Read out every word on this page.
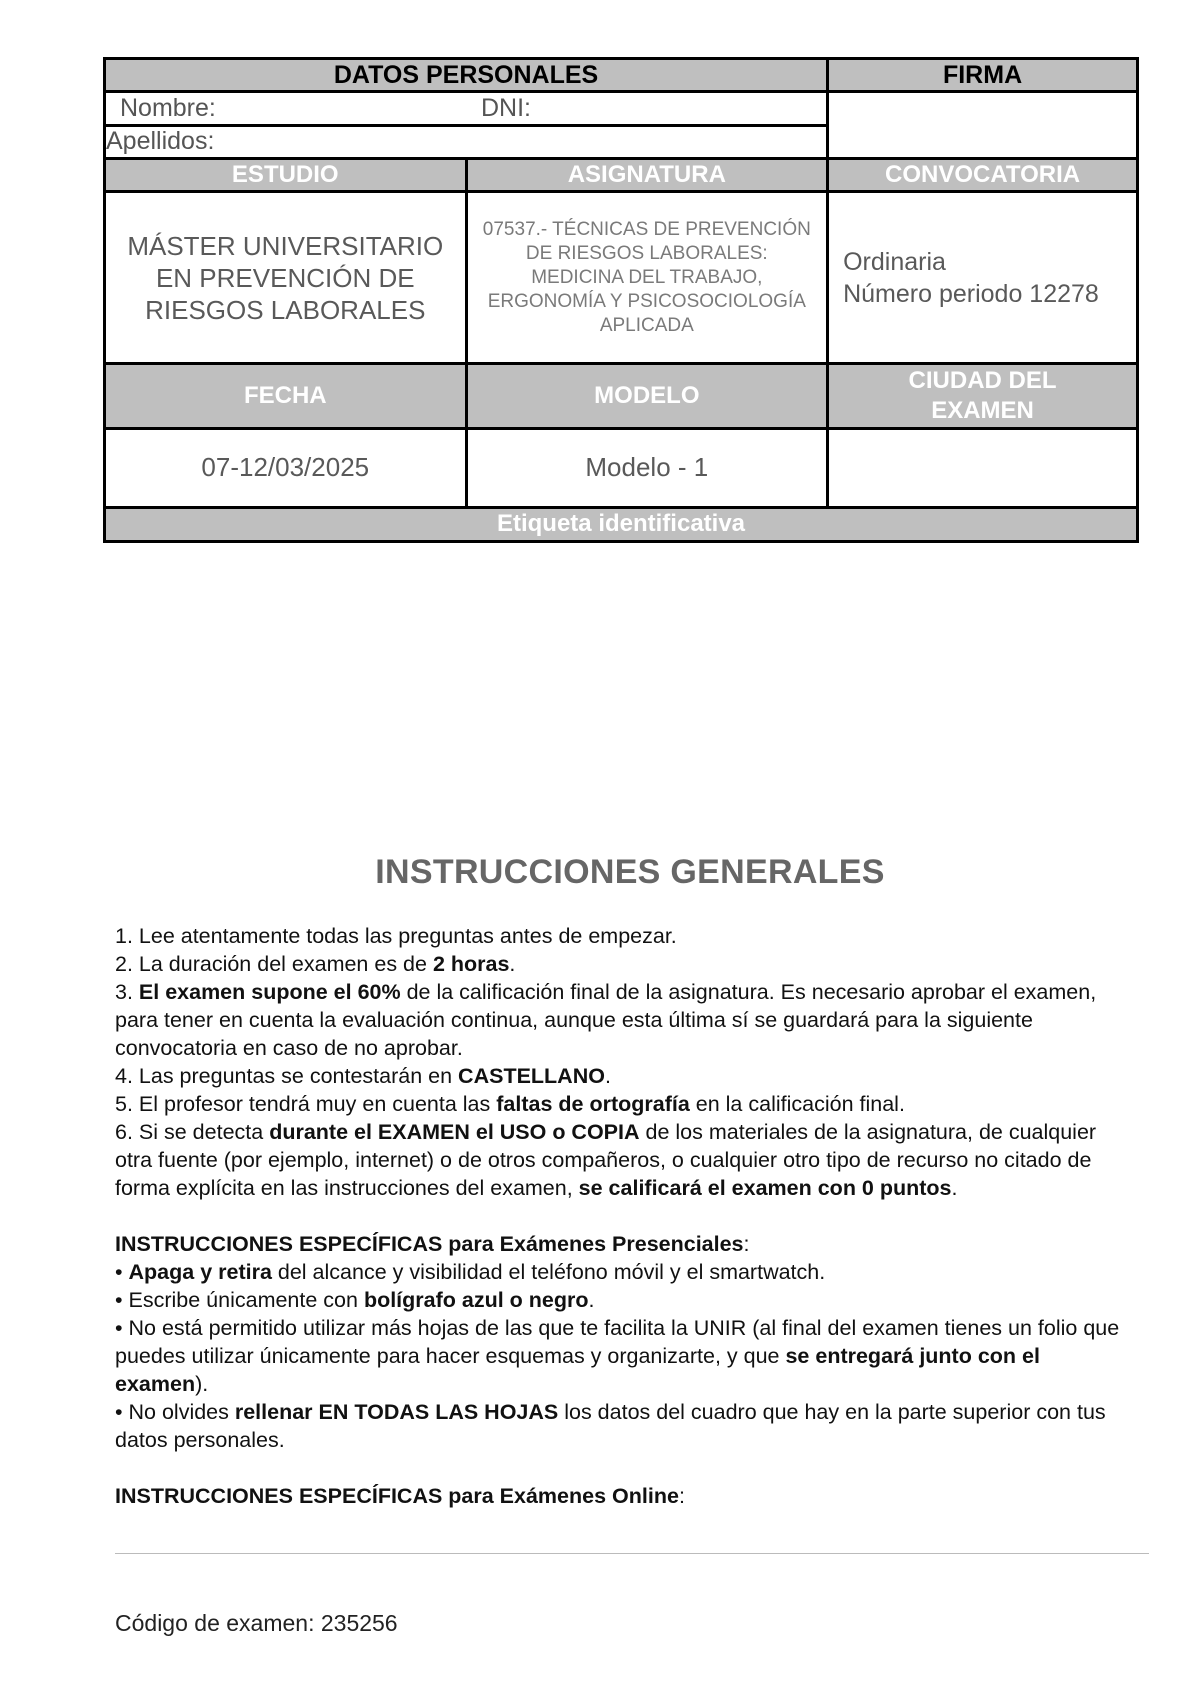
DATOS PERSONALES		FIRMA
Nombre: DNI:		

Apellidos:		
ESTUDIO	ASIGNATURA	CONVOCATORIA
MÁSTER UNIVERSITARIO EN PREVENCIÓN DE RIESGOS LABORALES	07537.- TÉCNICAS DE PREVENCIÓN DE RIESGOS LABORALES: MEDICINA DEL TRABAJO, ERGONOMÍA Y PSICOSOCIOLOGÍA APLICADA	Ordinaria
Número periodo 12278

FECHA	MODELO	CIUDAD DEL EXAMEN
07-12/03/2025	Modelo - 1	
Etiqueta identificativa		
INSTRUCCIONES GENERALES

1. Lee atentamente todas las preguntas antes de empezar.

2. La duración del examen es de 2 horas.

3. El examen supone el 60% de la calificación final de la asignatura. Es necesario aprobar el examen, para tener en cuenta la evaluación continua, aunque esta última sí se guardará para la siguiente convocatoria en caso de no aprobar.

4. Las preguntas se contestarán en CASTELLANO.

5. El profesor tendrá muy en cuenta las faltas de ortografía en la calificación final.

6. Si se detecta durante el EXAMEN el USO o COPIA de los materiales de la asignatura, de cualquier otra fuente (por ejemplo, internet) o de otros compañeros, o cualquier otro tipo de recurso no citado de forma explícita en las instrucciones del examen, se calificará el examen con 0 puntos.

INSTRUCCIONES ESPECÍFICAS para Exámenes Presenciales:

• Apaga y retira del alcance y visibilidad el teléfono móvil y el smartwatch.

• Escribe únicamente con bolígrafo azul o negro.

• No está permitido utilizar más hojas de las que te facilita la UNIR (al final del examen tienes un folio que puedes utilizar únicamente para hacer esquemas y organizarte, y que se entregará junto con el examen).

• No olvides rellenar EN TODAS LAS HOJAS los datos del cuadro que hay en la parte superior con tus datos personales.

INSTRUCCIONES ESPECÍFICAS para Exámenes Online:

Código de examen: 235256
